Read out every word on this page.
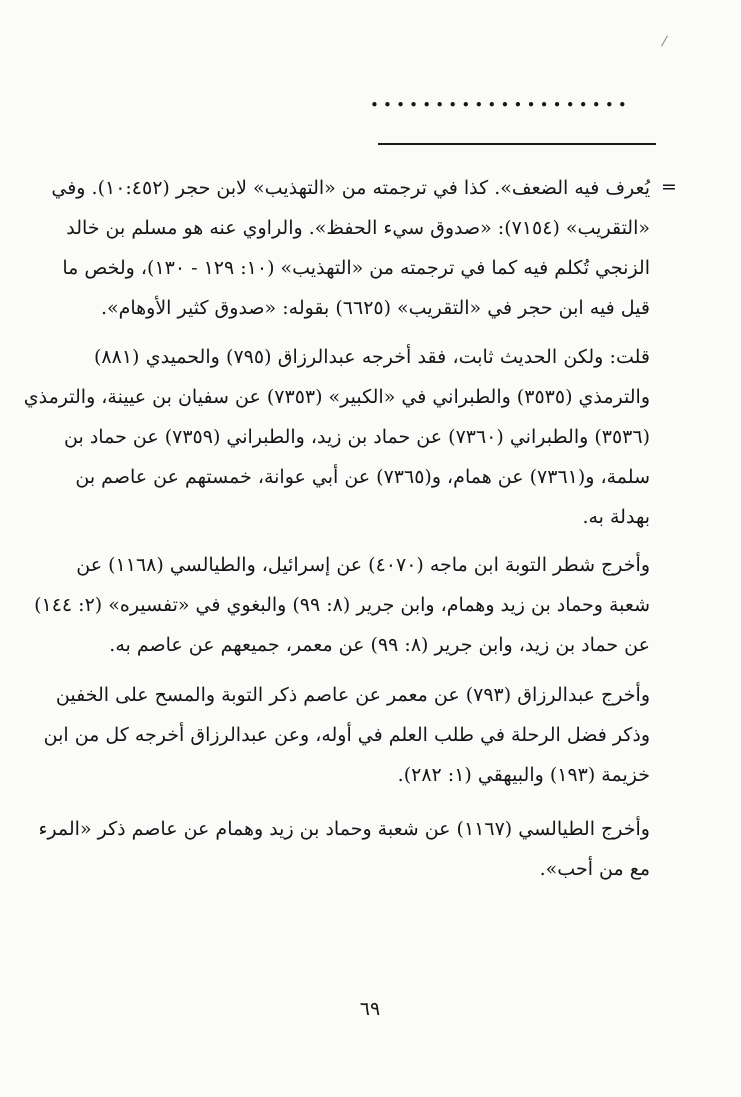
/
••••••••••••••••••••
=
يُعرف فيه الضعف». كذا في ترجمته من «التهذيب» لابن حجر (١٠:٤٥٢). وفي
«التقريب» (٧١٥٤): «صدوق سيء الحفظ». والراوي عنه هو مسلم بن خالد
الزنجي تُكلم فيه كما في ترجمته من «التهذيب» (١٠: ١٢٩ - ١٣٠)، ولخص ما
قيل فيه ابن حجر في «التقريب» (٦٦٢٥) بقوله: «صدوق كثير الأوهام».
قلت: ولكن الحديث ثابت، فقد أخرجه عبدالرزاق (٧٩٥) والحميدي (٨٨١)
والترمذي (٣٥٣٥) والطبراني في «الكبير» (٧٣٥٣) عن سفيان بن عيينة، والترمذي
(٣٥٣٦) والطبراني (٧٣٦٠) عن حماد بن زيد، والطبراني (٧٣٥٩) عن حماد بن
سلمة، و(٧٣٦١) عن همام، و(٧٣٦٥) عن أبي عوانة، خمستهم عن عاصم بن
بهدلة به.
وأخرج شطر التوبة ابن ماجه (٤٠٧٠) عن إسرائيل، والطيالسي (١١٦٨) عن
شعبة وحماد بن زيد وهمام، وابن جرير (٨: ٩٩) والبغوي في «تفسيره» (٢: ١٤٤)
عن حماد بن زيد، وابن جرير (٨: ٩٩) عن معمر، جميعهم عن عاصم به.
وأخرج عبدالرزاق (٧٩٣) عن معمر عن عاصم ذكر التوبة والمسح على الخفين
وذكر فضل الرحلة في طلب العلم في أوله، وعن عبدالرزاق أخرجه كل من ابن
خزيمة (١٩٣) والبيهقي (١: ٢٨٢).
وأخرج الطيالسي (١١٦٧) عن شعبة وحماد بن زيد وهمام عن عاصم ذكر «المرء
مع من أحب».
٦٩
